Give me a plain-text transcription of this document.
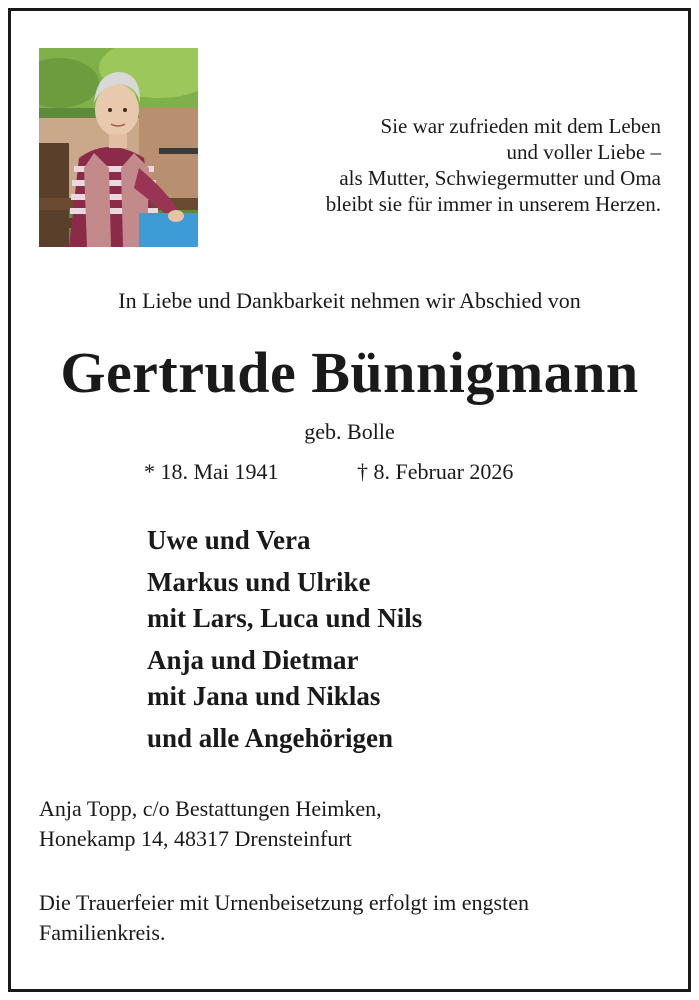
Sie war zufrieden mit dem Leben
und voller Liebe –
als Mutter, Schwiegermutter und Oma
bleibt sie für immer in unserem Herzen.
In Liebe und Dankbarkeit nehmen wir Abschied von
Gertrude Bünnigmann
geb. Bolle
* 18. Mai 1941	† 8. Februar 2026
Uwe und Vera
Markus und Ulrike
mit Lars, Luca und Nils
Anja und Dietmar
mit Jana und Niklas
und alle Angehörigen
Anja Topp, c/o Bestattungen Heimken,
Honekamp 14, 48317 Drensteinfurt
Die Trauerfeier mit Urnenbeisetzung erfolgt im engsten
Familienkreis.
